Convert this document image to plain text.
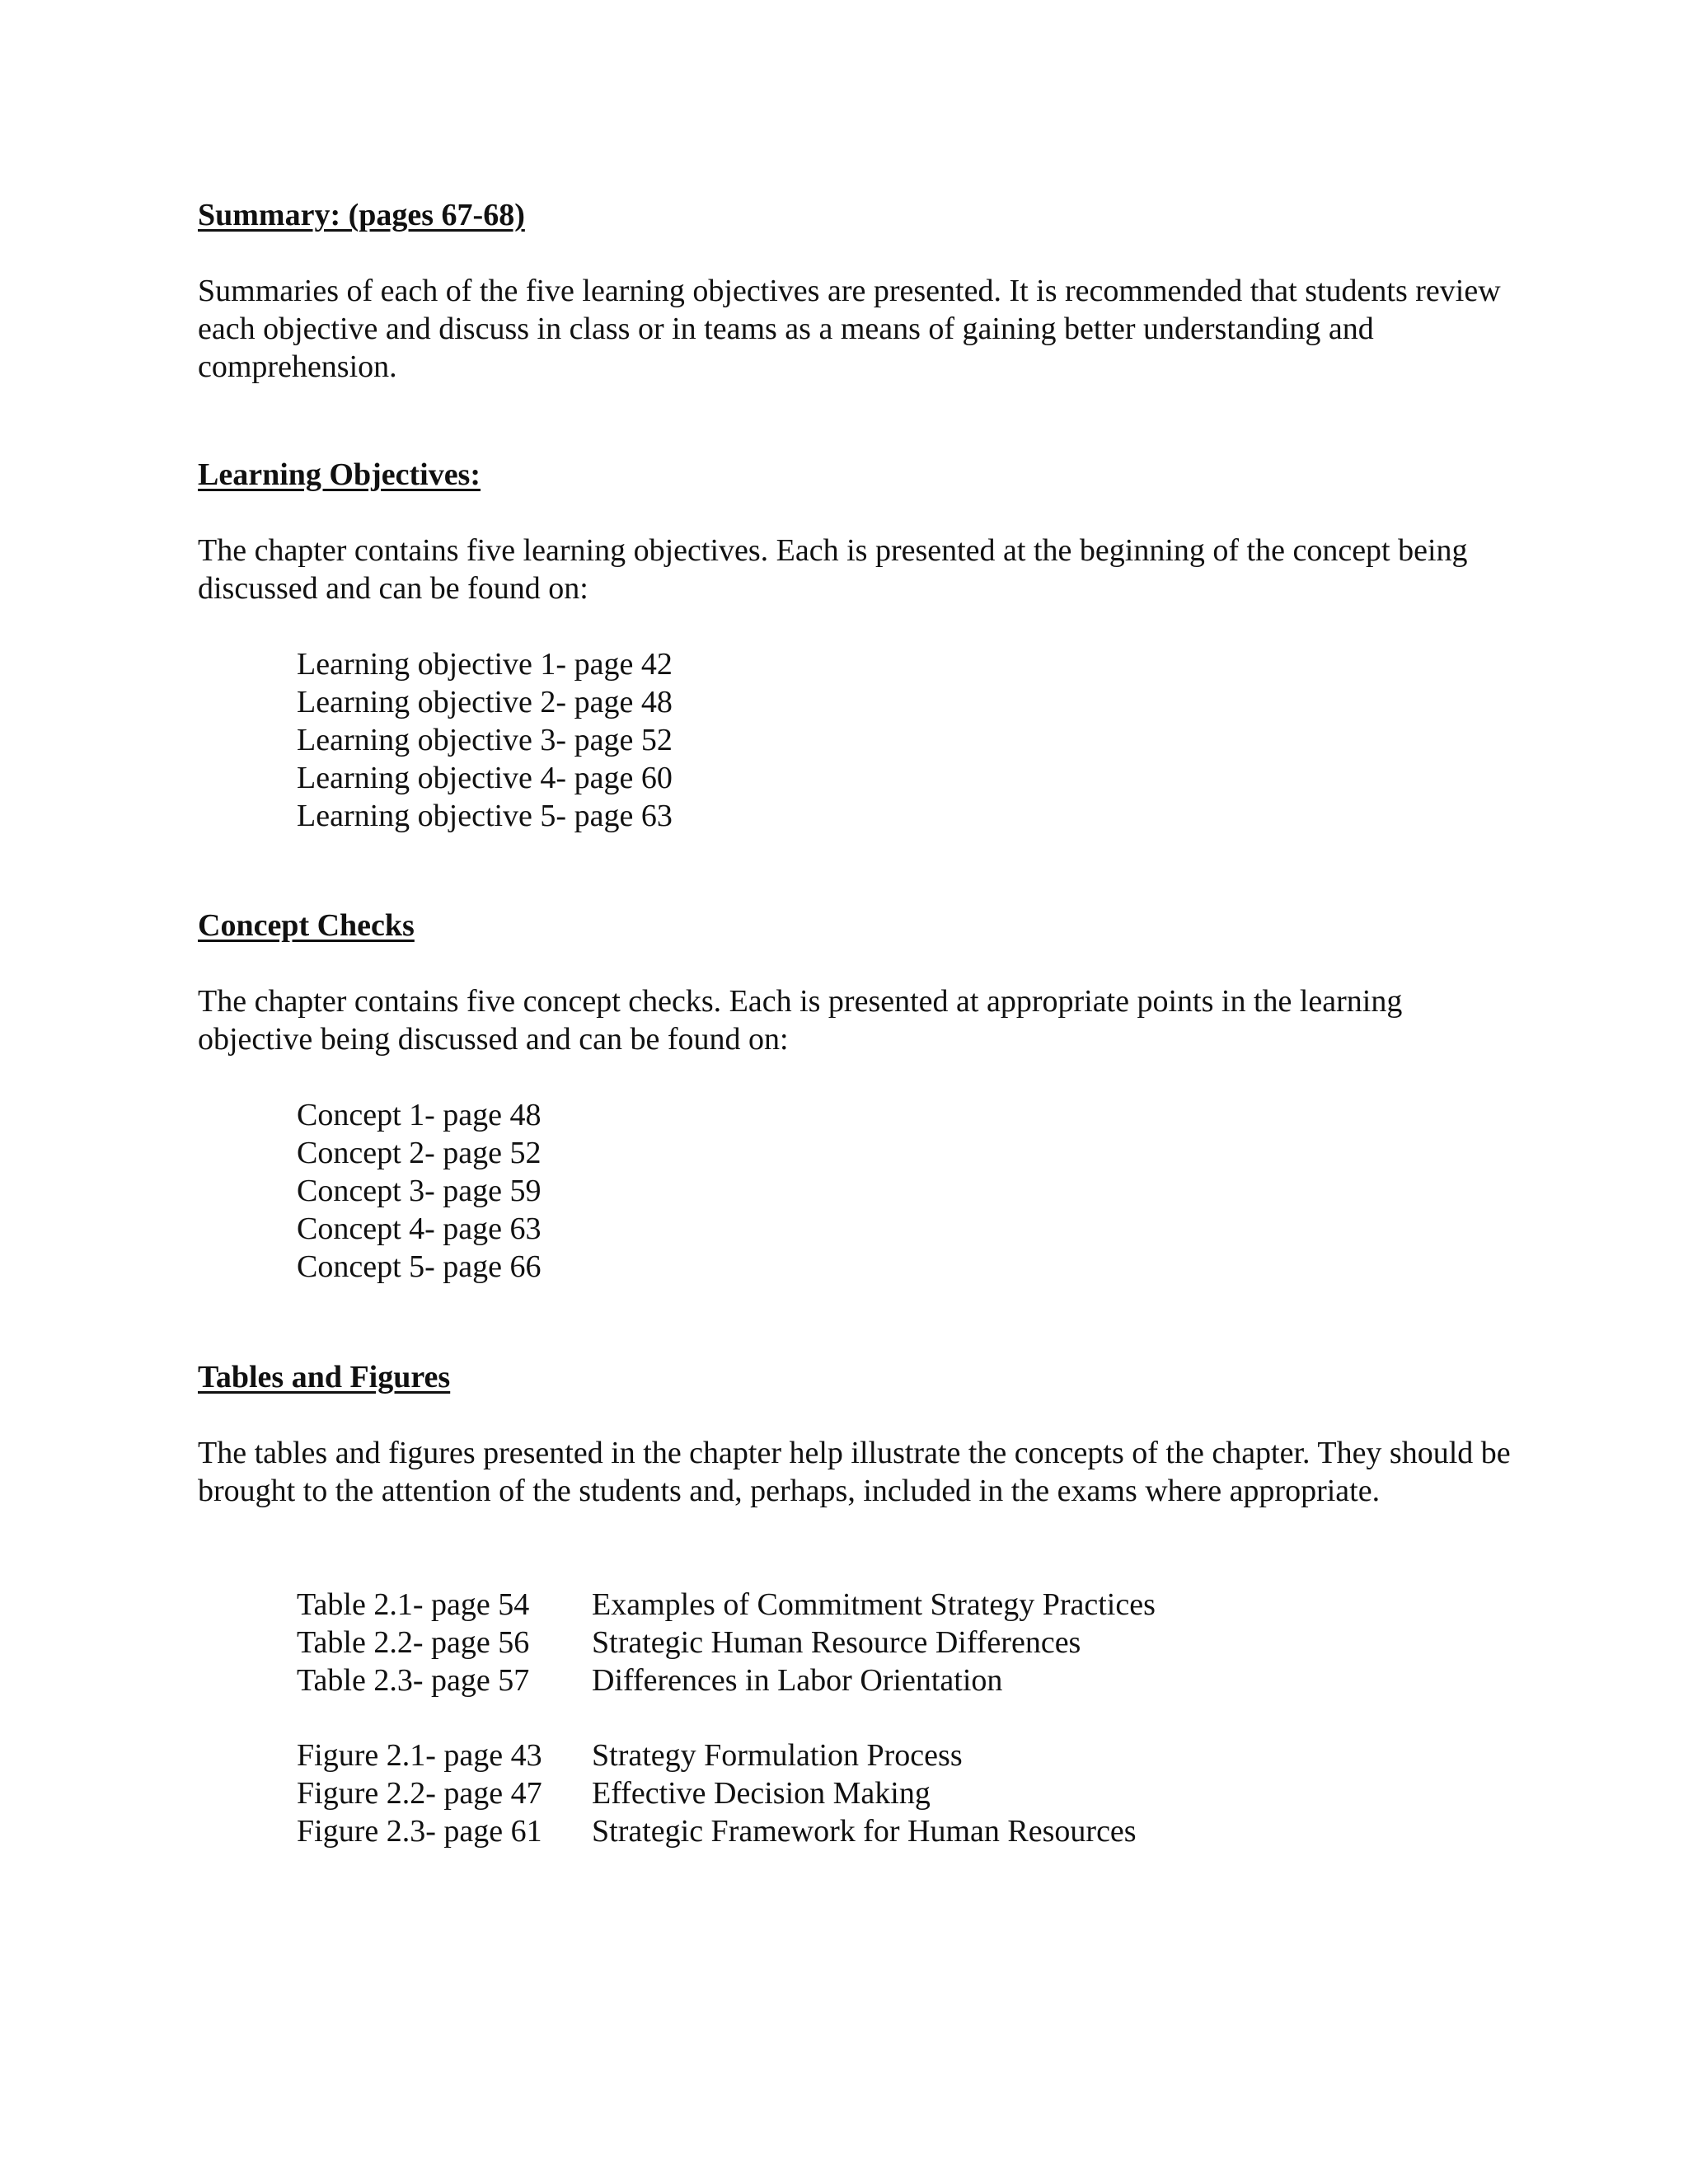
Summary: (pages 67-68)

Summaries of each of the five learning objectives are presented. It is recommended that students review each objective and discuss in class or in teams as a means of gaining better understanding and comprehension.

Learning Objectives:

The chapter contains five learning objectives. Each is presented at the beginning of the concept being discussed and can be found on:

Learning objective 1- page 42
Learning objective 2- page 48
Learning objective 3- page 52
Learning objective 4- page 60
Learning objective 5- page 63
Concept Checks

The chapter contains five concept checks. Each is presented at appropriate points in the learning objective being discussed and can be found on:

Concept 1- page 48
Concept 2- page 52
Concept 3- page 59
Concept 4- page 63
Concept 5- page 66
Tables and Figures

The tables and figures presented in the chapter help illustrate the concepts of the chapter. They should be brought to the attention of the students and, perhaps, included in the exams where appropriate.

Table 2.1- page 54 Examples of Commitment Strategy Practices
Table 2.2- page 56 Strategic Human Resource Differences
Table 2.3- page 57 Differences in Labor Orientation
Figure 2.1- page 43 Strategy Formulation Process
Figure 2.2- page 47 Effective Decision Making
Figure 2.3- page 61 Strategic Framework for Human Resources
